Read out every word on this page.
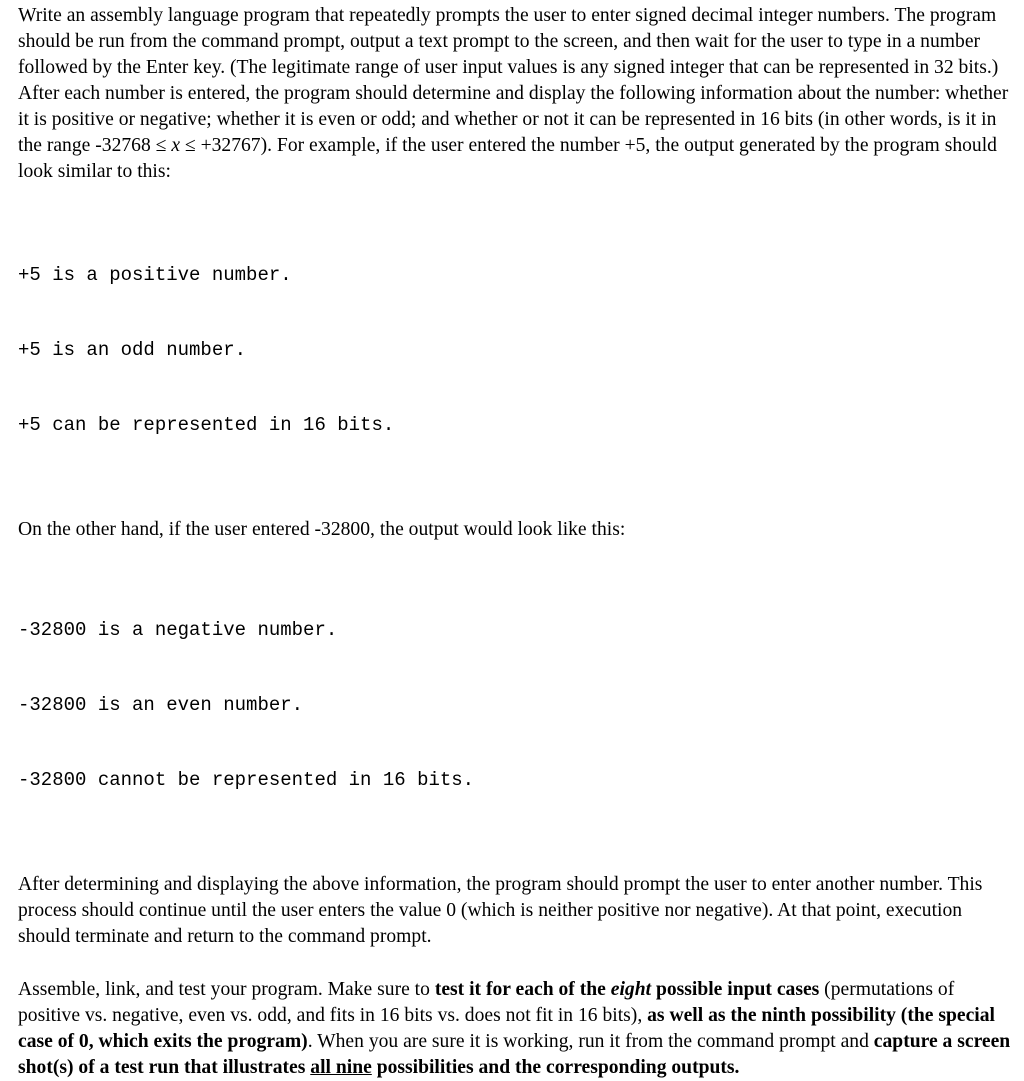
Write an assembly language program that repeatedly prompts the user to enter signed decimal integer numbers. The program should be run from the command prompt, output a text prompt to the screen, and then wait for the user to type in a number followed by the Enter key. (The legitimate range of user input values is any signed integer that can be represented in 32 bits.) After each number is entered, the program should determine and display the following information about the number: whether it is positive or negative; whether it is even or odd; and whether or not it can be represented in 16 bits (in other words, is it in the range -32768 ≤ x ≤ +32767). For example, if the user entered the number +5, the output generated by the program should look similar to this:

+5 is a positive number.

+5 is an odd number.

+5 can be represented in 16 bits.

On the other hand, if the user entered -32800, the output would look like this:

-32800 is a negative number.

-32800 is an even number.

-32800 cannot be represented in 16 bits.

After determining and displaying the above information, the program should prompt the user to enter another number. This process should continue until the user enters the value 0 (which is neither positive nor negative). At that point, execution should terminate and return to the command prompt.

Assemble, link, and test your program. Make sure to test it for each of the eight possible input cases (permutations of positive vs. negative, even vs. odd, and fits in 16 bits vs. does not fit in 16 bits), as well as the ninth possibility (the special case of 0, which exits the program). When you are sure it is working, run it from the command prompt and capture a screen shot(s) of a test run that illustrates all nine possibilities and the corresponding outputs.
